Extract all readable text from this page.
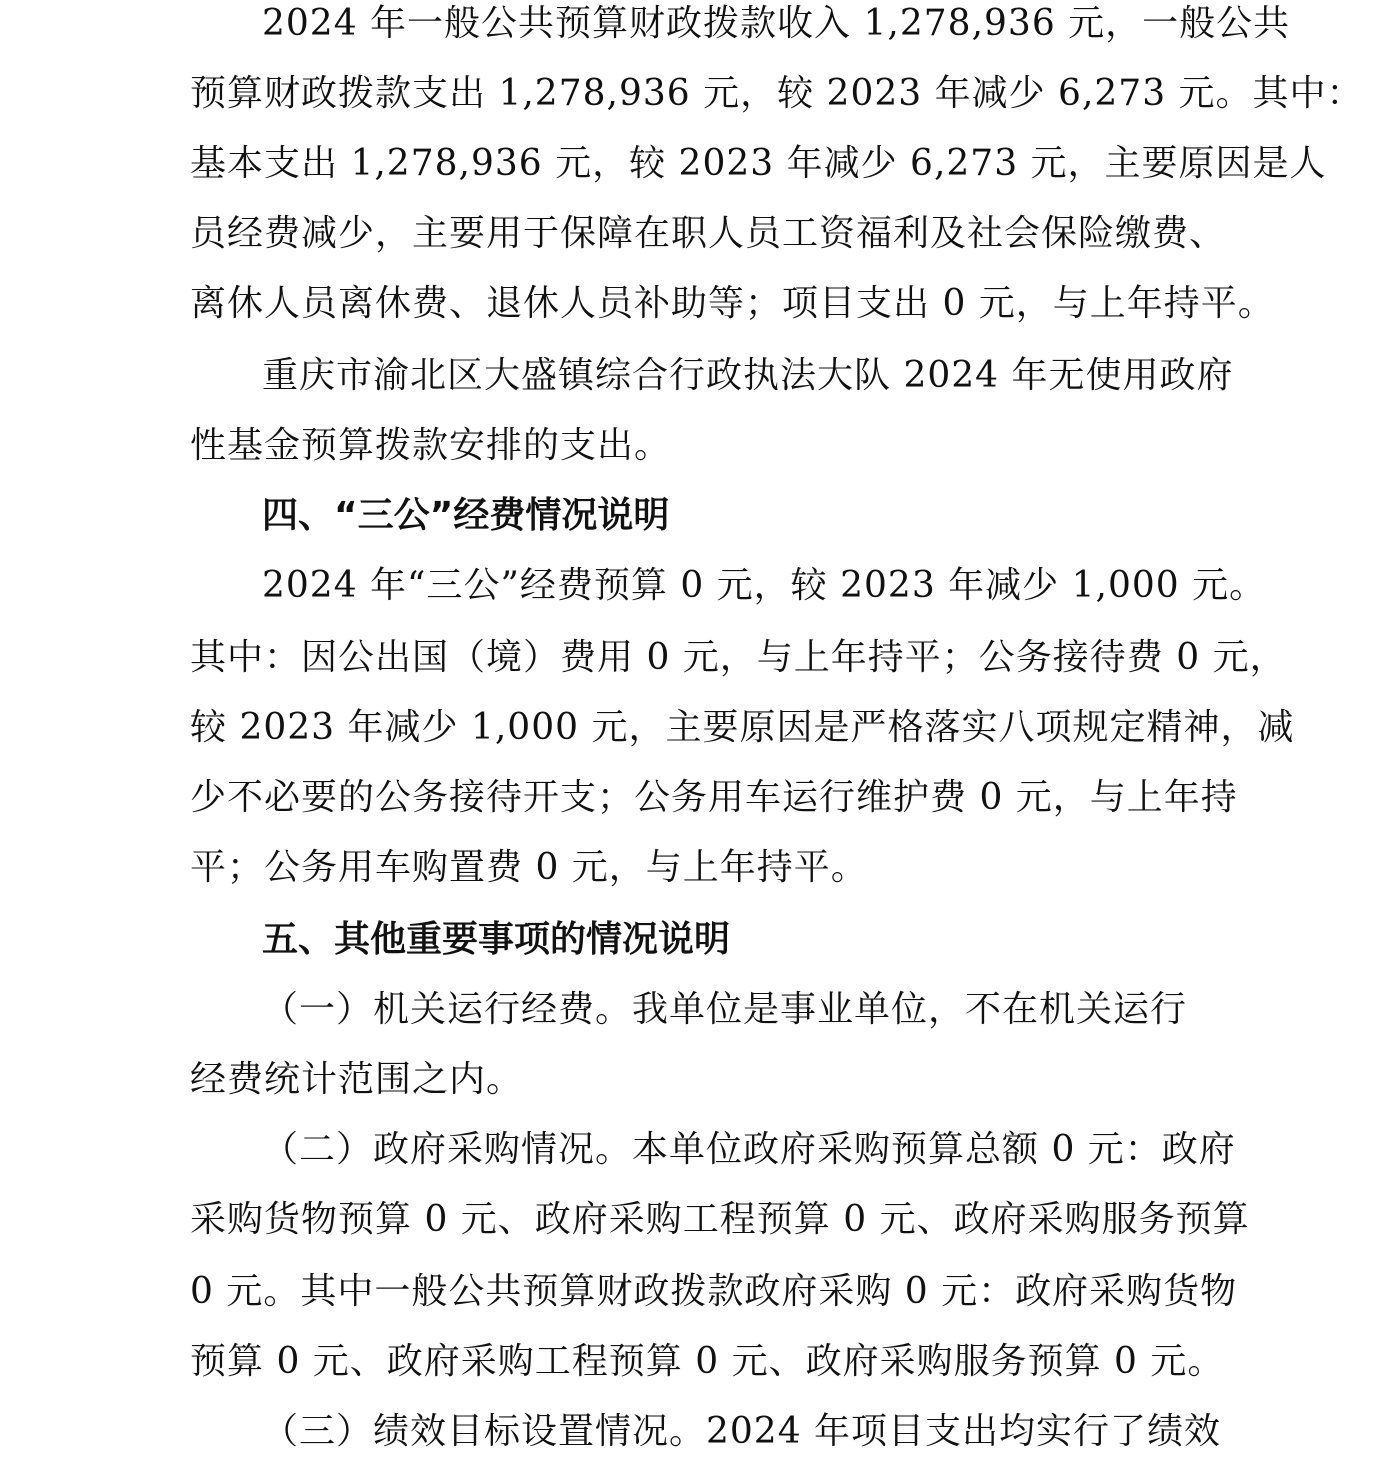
2024 年一般公共预算财政拨款收入 1,278,936 元，一般公共
预算财政拨款支出 1,278,936 元，较 2023 年减少 6,273 元。其中：
基本支出 1,278,936 元，较 2023 年减少 6,273 元，主要原因是人
员经费减少，主要用于保障在职人员工资福利及社会保险缴费、
离休人员离休费、退休人员补助等；项目支出 0 元，与上年持平。
重庆市渝北区大盛镇综合行政执法大队 2024 年无使用政府
性基金预算拨款安排的支出。
四、“三公”经费情况说明
2024 年“三公”经费预算 0 元，较 2023 年减少 1,000 元。
其中：因公出国（境）费用 0 元，与上年持平；公务接待费 0 元，
较 2023 年减少 1,000 元，主要原因是严格落实八项规定精神，减
少不必要的公务接待开支；公务用车运行维护费 0 元，与上年持
平；公务用车购置费 0 元，与上年持平。
五、其他重要事项的情况说明
（一）机关运行经费。我单位是事业单位，不在机关运行
经费统计范围之内。
（二）政府采购情况。本单位政府采购预算总额 0 元：政府
采购货物预算 0 元、政府采购工程预算 0 元、政府采购服务预算
0 元。其中一般公共预算财政拨款政府采购 0 元：政府采购货物
预算 0 元、政府采购工程预算 0 元、政府采购服务预算 0 元。
（三）绩效目标设置情况。2024 年项目支出均实行了绩效
